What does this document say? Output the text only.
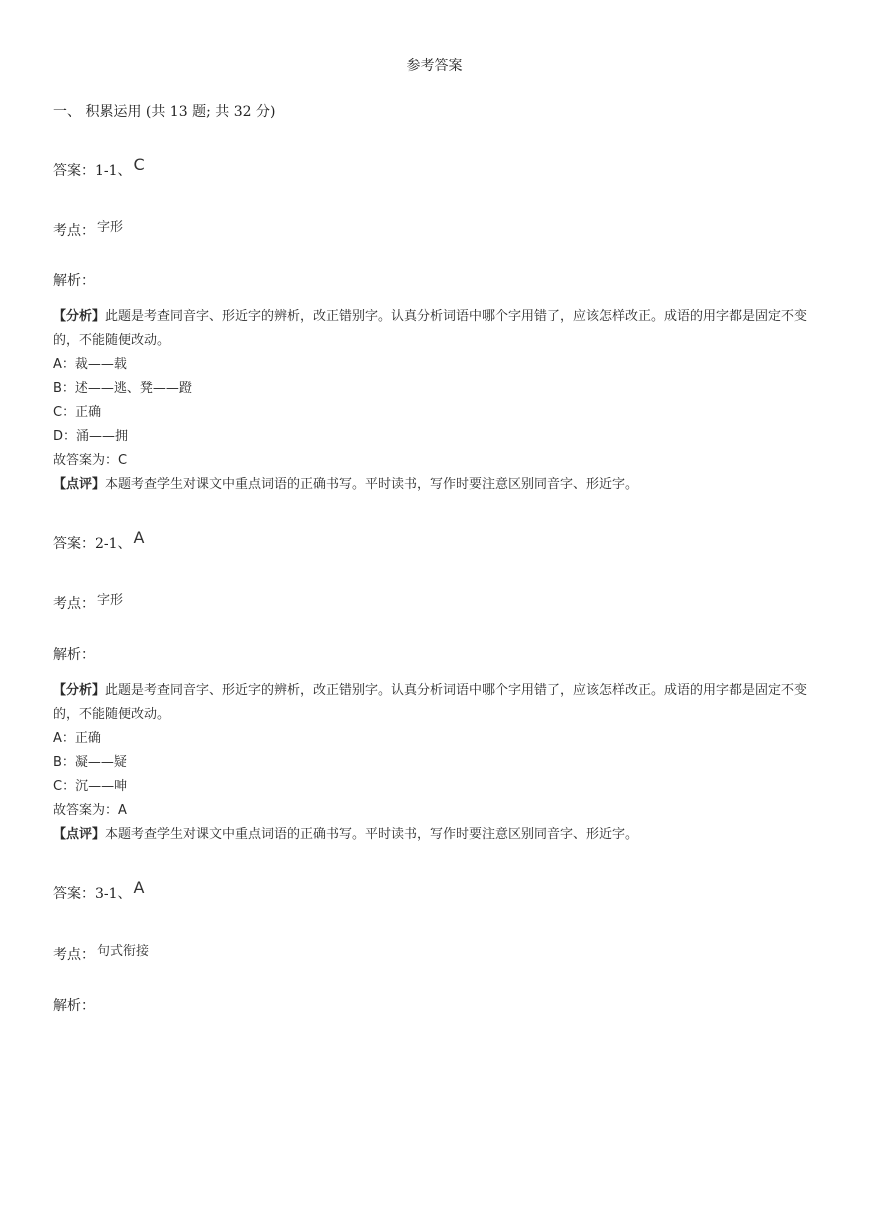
参考答案
一、 积累运用 (共 13 题; 共 32 分)
答案：1-1、 C
考点： 字形
解析：
【分析】此题是考查同音字、形近字的辨析，改正错别字。认真分析词语中哪个字用错了，应该怎样改正。成语的用字都是固定不变的，不能随便改动。
A：裁——载
B：述——逃、凳——蹬
C：正确
D：涌——拥
故答案为：C
【点评】本题考查学生对课文中重点词语的正确书写。平时读书，写作时要注意区别同音字、形近字。
答案：2-1、 A
考点： 字形
解析：
【分析】此题是考查同音字、形近字的辨析，改正错别字。认真分析词语中哪个字用错了，应该怎样改正。成语的用字都是固定不变的，不能随便改动。
A：正确
B：凝——疑
C：沉——呻
故答案为：A
【点评】本题考查学生对课文中重点词语的正确书写。平时读书，写作时要注意区别同音字、形近字。
答案：3-1、 A
考点： 句式衔接
解析：
